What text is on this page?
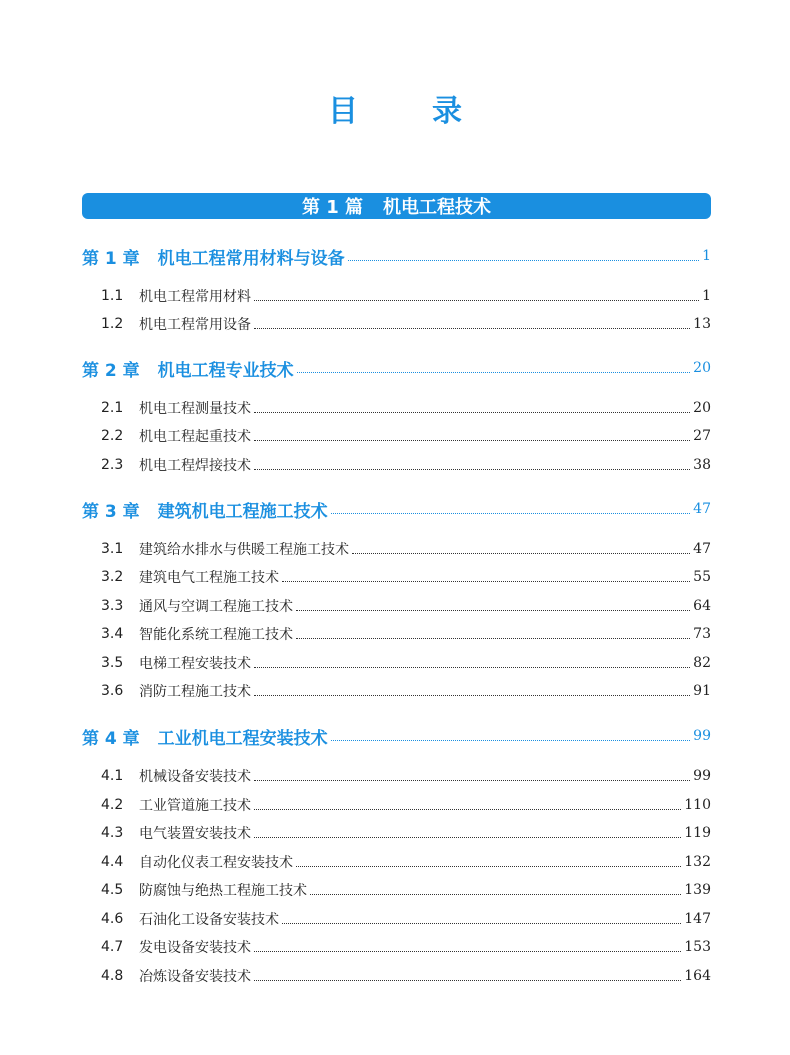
目 录
第 1 篇 机电工程技术
第 1 章 机电工程常用材料与设备	1
1.1	机电工程常用材料	1
1.2	机电工程常用设备	13
第 2 章 机电工程专业技术	20
2.1	机电工程测量技术	20
2.2	机电工程起重技术	27
2.3	机电工程焊接技术	38
第 3 章 建筑机电工程施工技术	47
3.1	建筑给水排水与供暖工程施工技术	47
3.2	建筑电气工程施工技术	55
3.3	通风与空调工程施工技术	64
3.4	智能化系统工程施工技术	73
3.5	电梯工程安装技术	82
3.6	消防工程施工技术	91
第 4 章 工业机电工程安装技术	99
4.1	机械设备安装技术	99
4.2	工业管道施工技术	110
4.3	电气装置安装技术	119
4.4	自动化仪表工程安装技术	132
4.5	防腐蚀与绝热工程施工技术	139
4.6	石油化工设备安装技术	147
4.7	发电设备安装技术	153
4.8	冶炼设备安装技术	164
